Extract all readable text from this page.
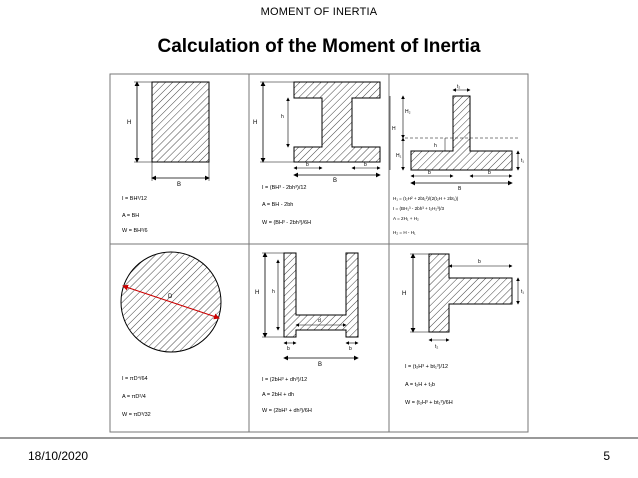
MOMENT OF INERTIA
Calculation of the Moment of Inertia
H
B
I = BH³/12
A = BH
W = BH²/6
H
h
b	b
B
I = (BH³ - 2bh³)/12
A = BH - 2bh
W = (BH³ - 2bh³)/6H
t₂
H₂
H
h
H₁
t₁
b	b
B
H₁ = (t₂H² + 2bt₁²)/(2(t₂H + 2bt₁))
I = (BH₁³ - 2bh³ + t₂H₂³)/3
A = 2H₁ + H₂
H₂ = H - H₁
D
I = πD⁴/64
A = πD²/4
W = πD³/32
H	h
d
b	b
B
I = (2bH³ + dh³)/12
A = 2bH + dh
W = (2bH³ + dh³)/6H
b
H	t₁
t₂
I = (t₂H³ + bt₁³)/12
A = t₂H + t₁b
W = (t₂H³ + bt₁³)/6H
18/10/2020	5
